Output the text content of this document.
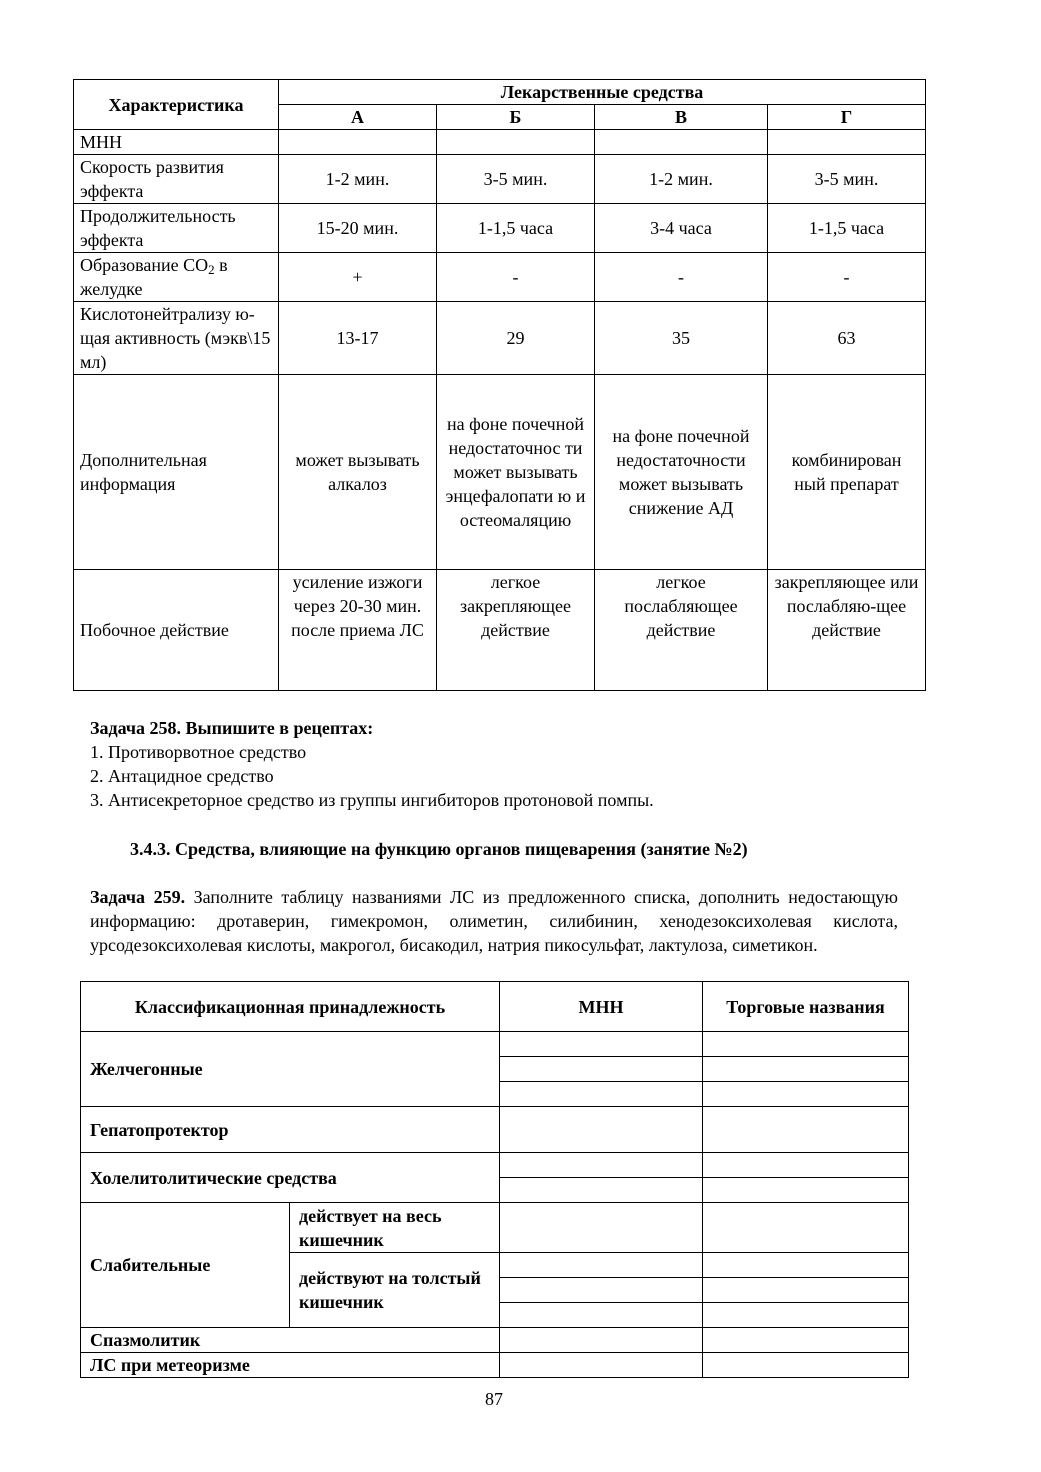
Характеристика	Лекарственные средства			
	А	Б	В	Г
МНН				
Скорость развития эффекта	1-2 мин.	3-5 мин.	1-2 мин.	3-5 мин.
Продолжительность эффекта	15-20 мин.	1-1,5 часа	3-4 часа	1-1,5 часа
Образование $СО_2$ в желудке	+	-	-	-
Кислотонейтрализу ю-щая активность (мэкв\15 мл)	13-17	29	35	63
Дополнительная информация	может вызывать алкалоз	на фоне почечной недостаточнос ти может вызывать энцефалопати ю и остеомаляцию	на фоне почечной недостаточности может вызывать снижение АД	комбинирован ный препарат
Побочное действие	усиление изжоги через 20-30 мин. после приема ЛС	легкое закрепляющее действие	легкое послабляющее действие	закрепляющее или послабляю-щее действие
Задача 258. Выпишите в рецептах:
1. Противорвотное средство
2. Антацидное средство
3. Антисекреторное средство из группы ингибиторов протоновой помпы.
3.4.3. Средства, влияющие на функцию органов пищеварения (занятие №2)
Задача 259. Заполните таблицу названиями ЛС из предложенного списка, дополнить недостающую информацию: дротаверин, гимекромон, олиметин, силибинин, хенодезоксихолевая кислота, урсодезоксихолевая кислоты, макрогол, бисакодил, натрия пикосульфат, лактулоза, симетикон.
Классификационная принадлежность		МНН	Торговые названия
Желчегонные			

Гепатопротектор			
Холелитолитические средства			

Слабительные	действует на весь кишечник		
	действуют на толстый кишечник		

Спазмолитик			
ЛС при метеоризме			
87
